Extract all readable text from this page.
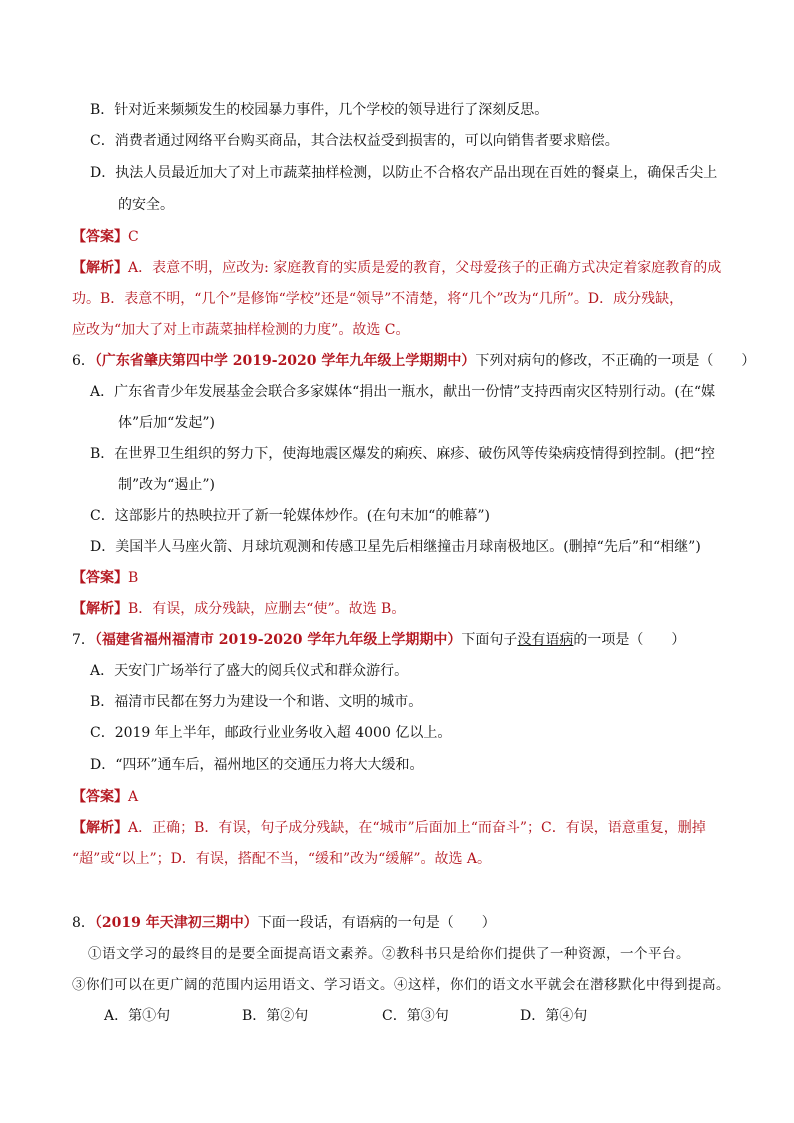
B．针对近来频频发生的校园暴力事件，几个学校的领导进行了深刻反思。
C．消费者通过网络平台购买商品，其合法权益受到损害的，可以向销售者要求赔偿。
D．执法人员最近加大了对上市蔬菜抽样检测，以防止不合格农产品出现在百姓的餐桌上，确保舌尖上
的安全。
【答案】C
【解析】A．表意不明，应改为: 家庭教育的实质是爱的教育，父母爱孩子的正确方式决定着家庭教育的成
功。B．表意不明，“几个”是修饰“学校”还是“领导”不清楚，将“几个”改为“几所”。D．成分残缺，
应改为“加大了对上市蔬菜抽样检测的力度”。故选 C。
6．（广东省肇庆第四中学 2019-2020 学年九年级上学期期中）下列对病句的修改，不正确的一项是（　　）
A．广东省青少年发展基金会联合多家媒体“捐出一瓶水，献出一份情”支持西南灾区特别行动。(在“媒
体”后加“发起”)
B．在世界卫生组织的努力下，使海地震区爆发的痢疾、麻疹、破伤风等传染病疫情得到控制。(把“控
制”改为“遏止”)
C．这部影片的热映拉开了新一轮媒体炒作。(在句末加“的帷幕”)
D．美国半人马座火箭、月球坑观测和传感卫星先后相继撞击月球南极地区。(删掉“先后”和“相继”)
【答案】B
【解析】B．有误，成分残缺，应删去“使”。故选 B。
7．（福建省福州福清市 2019-2020 学年九年级上学期期中）下面句子没有语病的一项是（　　）
A．天安门广场举行了盛大的阅兵仪式和群众游行。
B．福清市民都在努力为建设一个和谐、文明的城市。
C．2019 年上半年，邮政行业业务收入超 4000 亿以上。
D．“四环”通车后，福州地区的交通压力将大大缓和。
【答案】A
【解析】A．正确；B．有误，句子成分残缺，在“城市”后面加上“而奋斗”；C．有误，语意重复，删掉
“超”或“以上”；D．有误，搭配不当，“缓和”改为“缓解”。故选 A。
8．（2019 年天津初三期中）下面一段话，有语病的一句是（　　）
①语文学习的最终目的是要全面提高语文素养。②教科书只是给你们提供了一种资源，一个平台。
③你们可以在更广阔的范围内运用语文、学习语文。④这样，你们的语文水平就会在潜移默化中得到提高。
A．第①句	B．第②句	C．第③句	D．第④句
